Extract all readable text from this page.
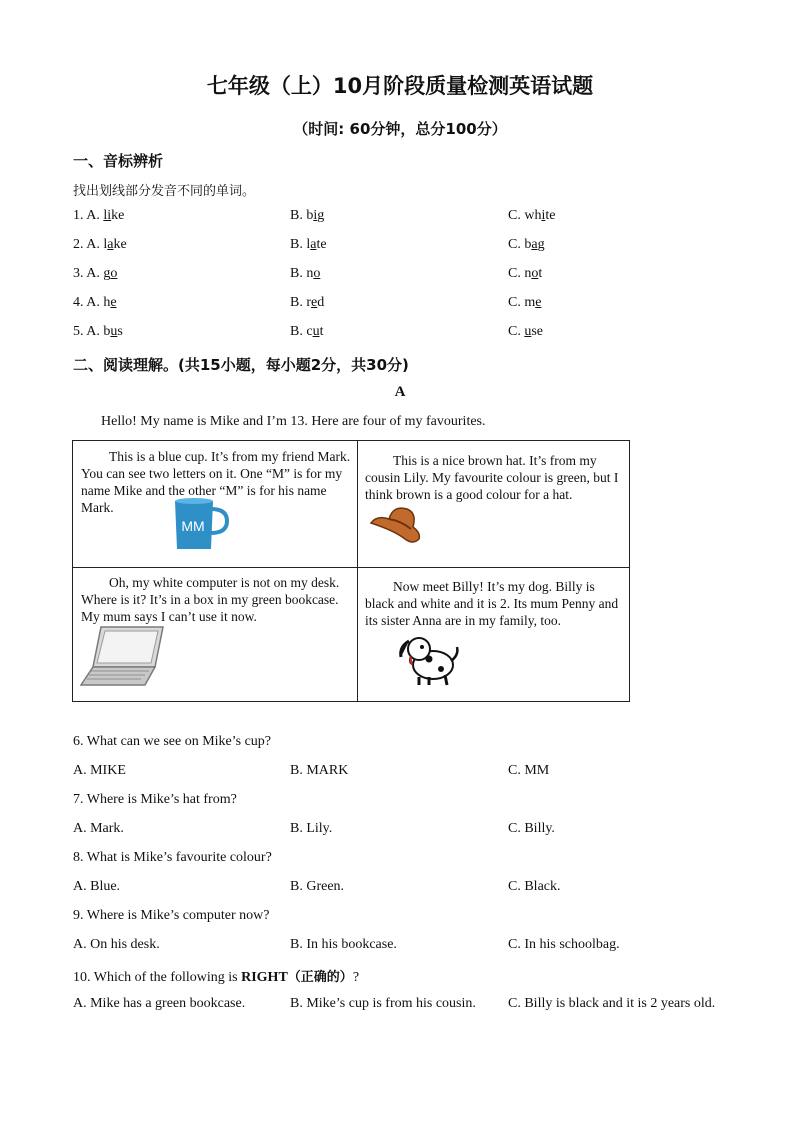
七年级（上）10月阶段质量检测英语试题
（时间: 60分钟，总分100分）
一、音标辨析
找出划线部分发音不同的单词。
1. A. like	B. big	C. white
2. A. lake	B. late	C. bag
3. A. go	B. no	C. not
4. A. he	B. red	C. me
5. A. bus	B. cut	C. use
二、阅读理解。(共15小题，每小题2分，共30分)
A
Hello! My name is Mike and I’m 13. Here are four of my favourites.

This is a blue cup. It’s from my friend Mark. You can see two letters on it. One “M” is for my name Mike and the other “M” is for his name Mark.

MM

This is a nice brown hat. It’s from my cousin Lily. My favourite colour is green, but I think brown is a good colour for a hat.

Oh, my white computer is not on my desk. Where is it? It’s in a box in my green bookcase. My mum says I can’t use it now.

Now meet Billy! It’s my dog. Billy is black and white and it is 2. Its mum Penny and its sister Anna are in my family, too.

6. What can we see on Mike’s cup?
A. MIKE	B. MARK	C. MM
7. Where is Mike’s hat from?
A. Mark.	B. Lily.	C. Billy.
8. What is Mike’s favourite colour?
A. Blue.	B. Green.	C. Black.
9. Where is Mike’s computer now?
A. On his desk.	B. In his bookcase.	C. In his schoolbag.
10. Which of the following is RIGHT（正确的）?
A. Mike has a green bookcase.	B. Mike’s cup is from his cousin. C. Billy is black and it is 2 years old.
